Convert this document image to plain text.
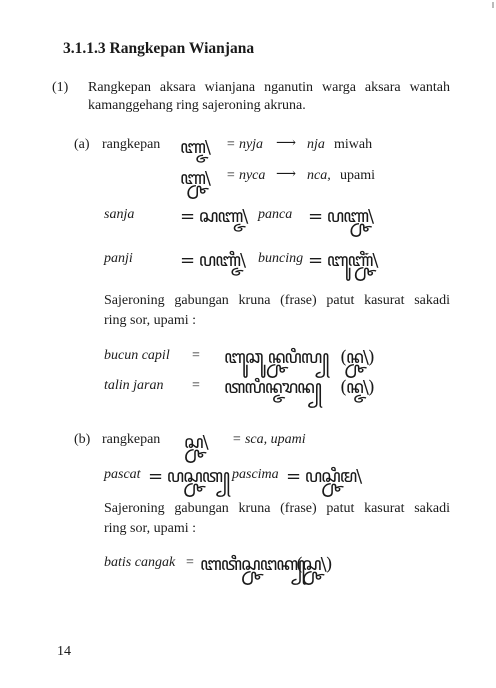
3.1.1.3 Rangkepan Wianjana
(1) Rangkepan aksara wianjana nganutin warga aksara wantah
kamanggehang ring sajeroning akruna.
(a) rangkepan ꦚ꧀ꦗ\ = nyja ⟶ nja miwah
ꦚ꧀ꦕ\ = nyca ⟶ nca, upami
sanja	= ꦱꦚ꧀ꦗ\ panca = ꦥꦚ꧀ꦕ\
panji	= ꦥꦚ꧀ꦗꦶ\ buncing = ꦧꦸꦚ꧀ꦕꦶꦁ\
Sajeroning gabungan kruna (frase) patut kasurat sakadi
ring sor, upami :
bucun capil = ꦧꦸꦕꦸꦤ꧀ꦕꦥꦶꦭ꧀ (ꦤ꧀ꦕ\)
talin jaran = ꦠꦭꦶꦤ꧀ꦗꦫꦤ꧀ (ꦤ꧀ꦗ\)
(b) rangkepan ꦱ꧀ꦕ\ = sca, upami
pascat = ꦥꦱ꧀ꦕꦠ꧀ pascima = ꦥꦱ꧀ꦕꦶꦩ\
Sajeroning gabungan kruna (frase) patut kasurat sakadi
ring sor, upami :
batis cangak = ꦧꦠꦶꦱ꧀ꦕꦔꦏ꧀
(ꦱ꧀ꦕ\)
14
